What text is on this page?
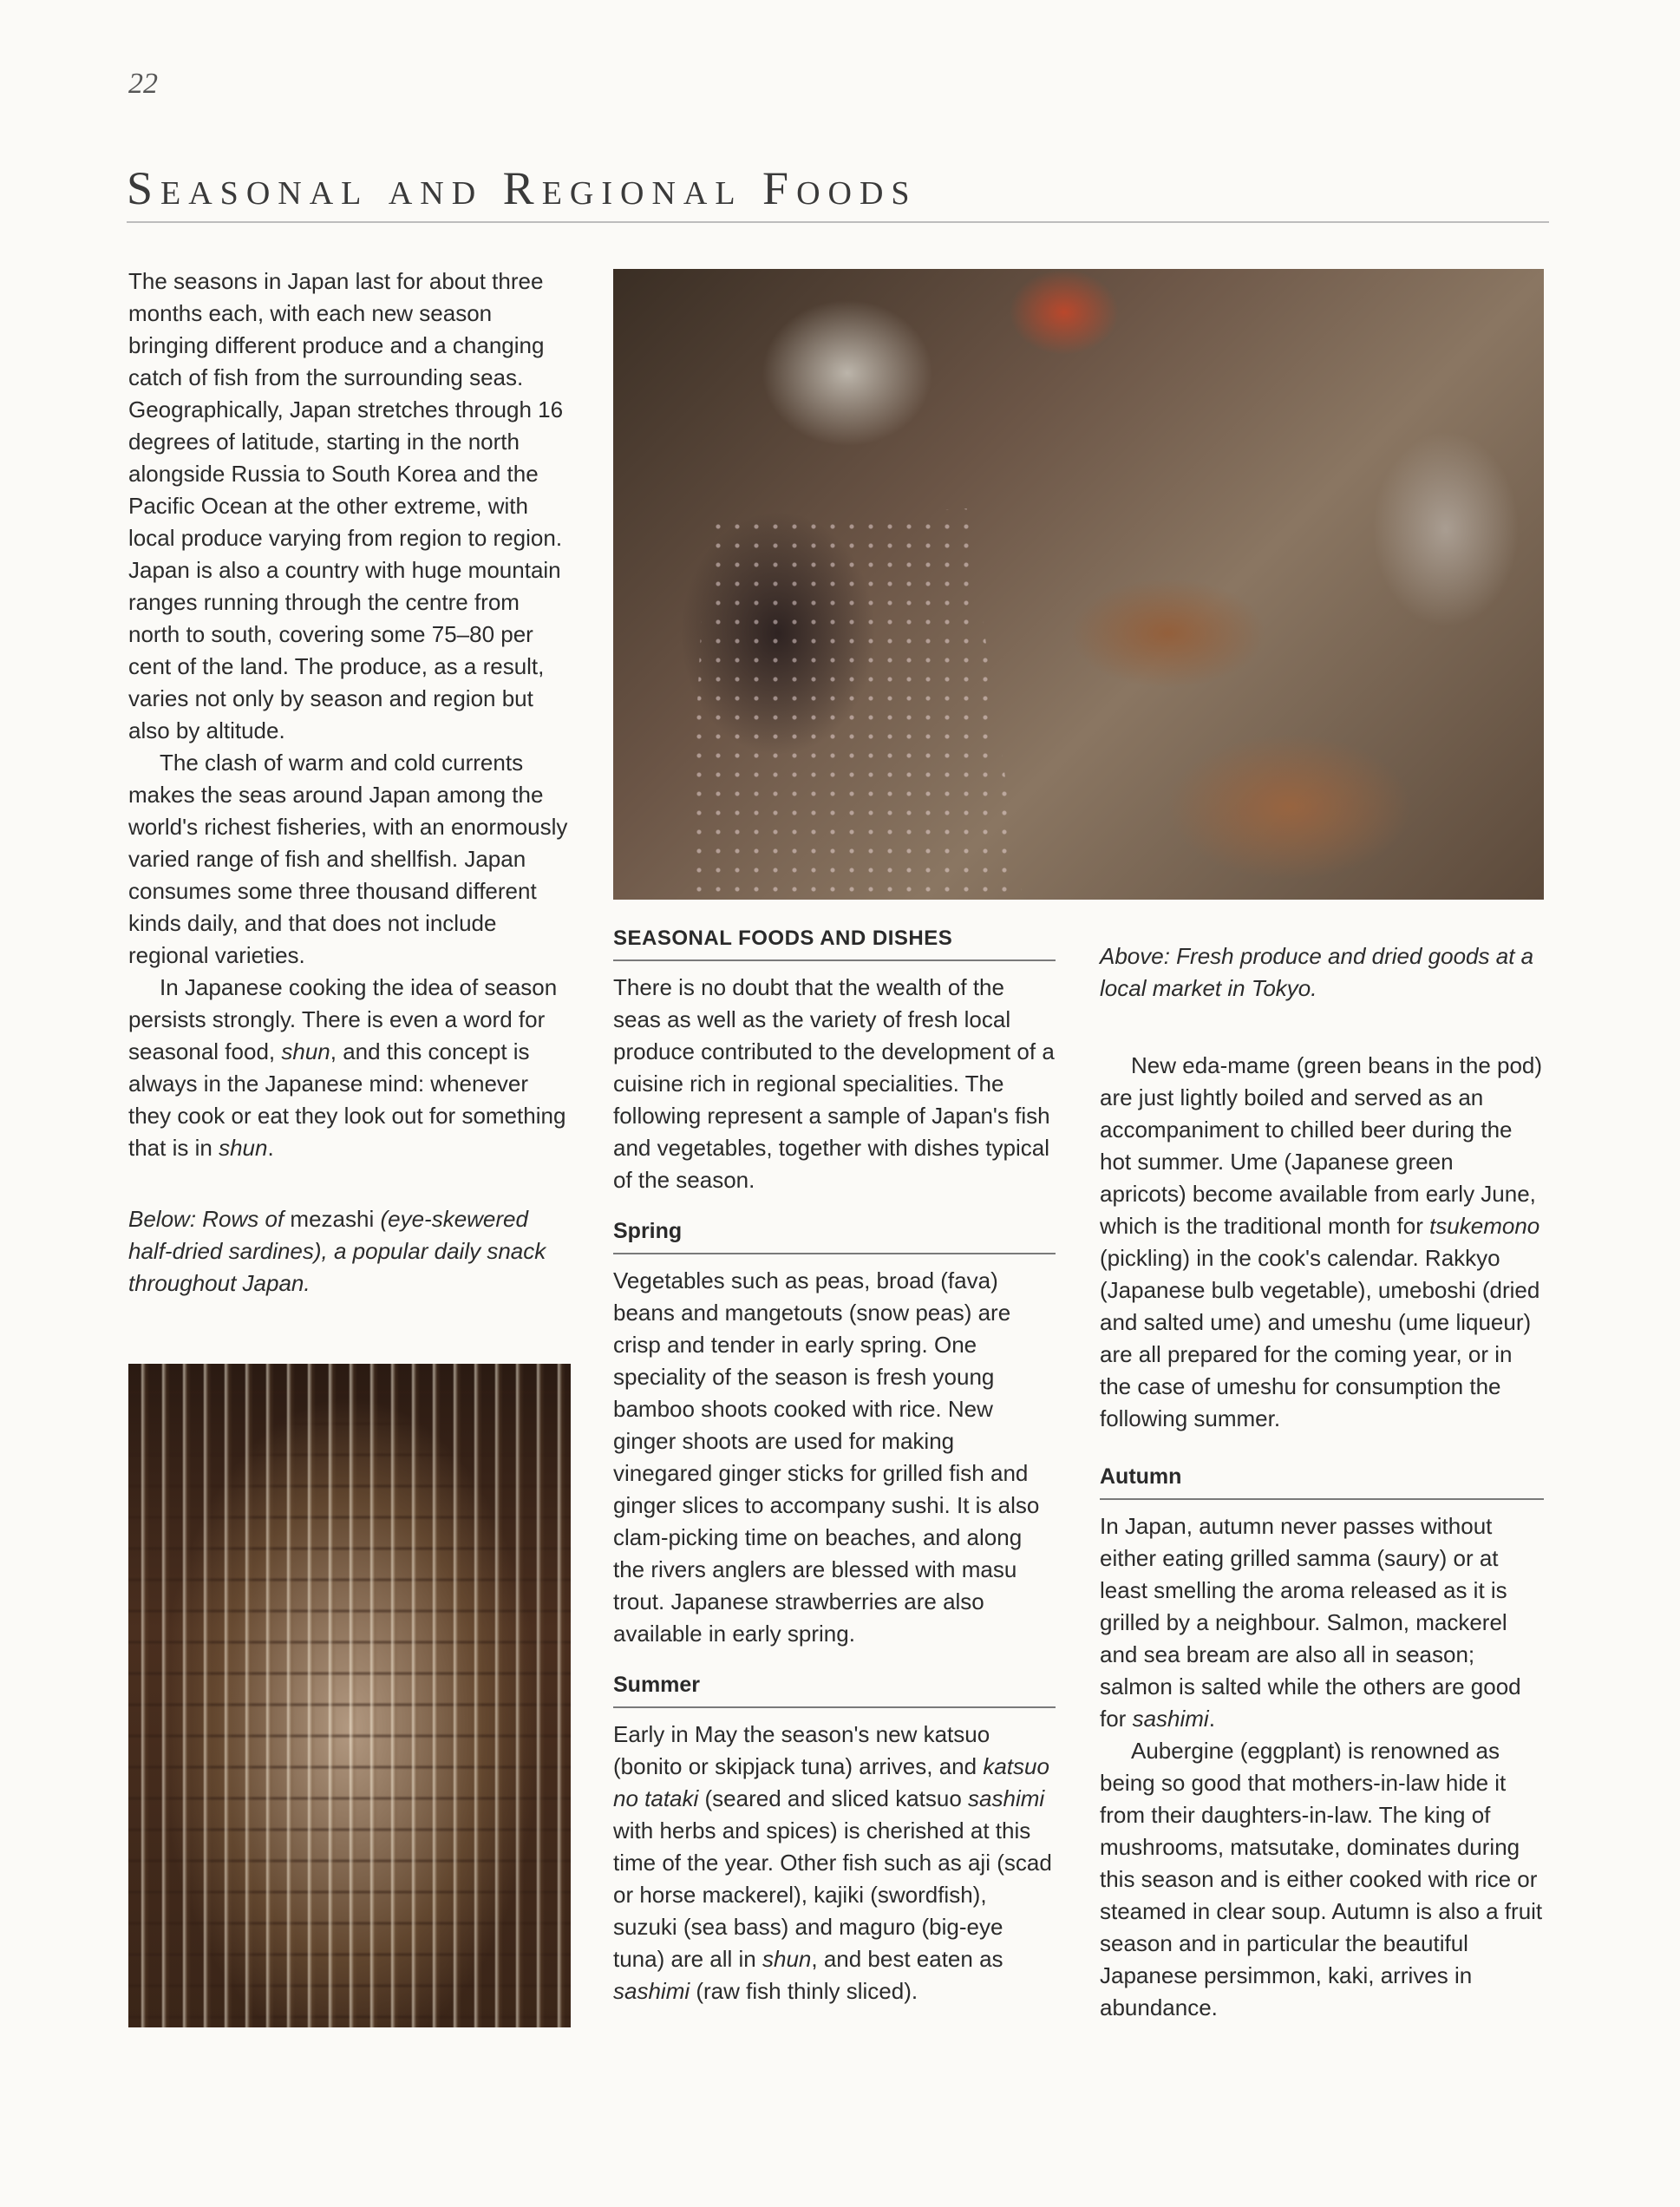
22
Seasonal and Regional Foods

The seasons in Japan last for about three months each, with each new season bringing different produce and a changing catch of fish from the surrounding seas. Geographically, Japan stretches through 16 degrees of latitude, starting in the north alongside Russia to South Korea and the Pacific Ocean at the other extreme, with local produce varying from region to region. Japan is also a country with huge mountain ranges running through the centre from north to south, covering some 75–80 per cent of the land. The produce, as a result, varies not only by season and region but also by altitude.

The clash of warm and cold currents makes the seas around Japan among the world's richest fisheries, with an enormously varied range of fish and shellfish. Japan consumes some three thousand different kinds daily, and that does not include regional varieties.

In Japanese cooking the idea of season persists strongly. There is even a word for seasonal food, shun, and this concept is always in the Japanese mind: whenever they cook or eat they look out for something that is in shun.

Below: Rows of mezashi (eye-skewered half-dried sardines), a popular daily snack throughout Japan.

SEASONAL FOODS AND DISHES

There is no doubt that the wealth of the seas as well as the variety of fresh local produce contributed to the development of a cuisine rich in regional specialities. The following represent a sample of Japan's fish and vegetables, together with dishes typical of the season.

Spring

Vegetables such as peas, broad (fava) beans and mangetouts (snow peas) are crisp and tender in early spring. One speciality of the season is fresh young bamboo shoots cooked with rice. New ginger shoots are used for making vinegared ginger sticks for grilled fish and ginger slices to accompany sushi. It is also clam-picking time on beaches, and along the rivers anglers are blessed with masu trout. Japanese strawberries are also available in early spring.

Summer

Early in May the season's new katsuo (bonito or skipjack tuna) arrives, and katsuo no tataki (seared and sliced katsuo sashimi with herbs and spices) is cherished at this time of the year. Other fish such as aji (scad or horse mackerel), kajiki (swordfish), suzuki (sea bass) and maguro (big-eye tuna) are all in shun, and best eaten as sashimi (raw fish thinly sliced).

Above: Fresh produce and dried goods at a local market in Tokyo.

New eda-mame (green beans in the pod) are just lightly boiled and served as an accompaniment to chilled beer during the hot summer. Ume (Japanese green apricots) become available from early June, which is the traditional month for tsukemono (pickling) in the cook's calendar. Rakkyo (Japanese bulb vegetable), umeboshi (dried and salted ume) and umeshu (ume liqueur) are all prepared for the coming year, or in the case of umeshu for consumption the following summer.

Autumn

In Japan, autumn never passes without either eating grilled samma (saury) or at least smelling the aroma released as it is grilled by a neighbour. Salmon, mackerel and sea bream are also all in season; salmon is salted while the others are good for sashimi.

Aubergine (eggplant) is renowned as being so good that mothers-in-law hide it from their daughters-in-law. The king of mushrooms, matsutake, dominates during this season and is either cooked with rice or steamed in clear soup. Autumn is also a fruit season and in particular the beautiful Japanese persimmon, kaki, arrives in abundance.
